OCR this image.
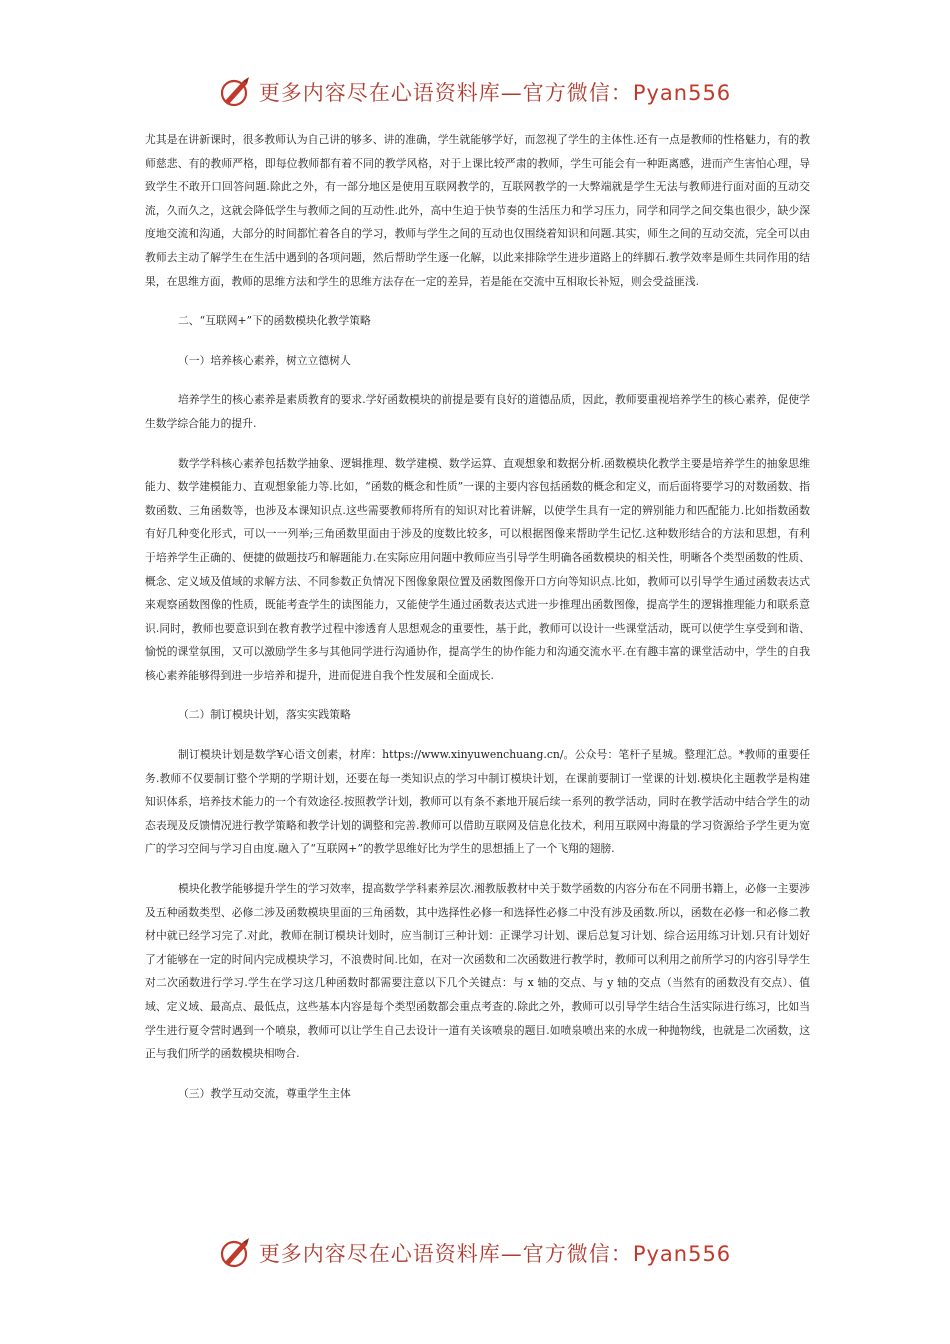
更多内容尽在心语资料库—官方微信：Pyan556

尤其是在讲新课时，很多教师认为自己讲的够多、讲的准确，学生就能够学好，而忽视了学生的主体性.还有一点是教师的性格魅力，有的教师慈悲、有的教师严格，即每位教师都有着不同的教学风格，对于上课比较严肃的教师，学生可能会有一种距离感，进而产生害怕心理，导致学生不敢开口回答问题.除此之外，有一部分地区是使用互联网教学的，互联网教学的一大弊端就是学生无法与教师进行面对面的互动交流，久而久之，这就会降低学生与教师之间的互动性.此外，高中生迫于快节奏的生活压力和学习压力，同学和同学之间交集也很少，缺少深度地交流和沟通，大部分的时间都忙着各自的学习，教师与学生之间的互动也仅围绕着知识和问题.其实，师生之间的互动交流，完全可以由教师去主动了解学生在生活中遇到的各项问题，然后帮助学生逐一化解，以此来排除学生进步道路上的绊脚石.教学效率是师生共同作用的结果，在思维方面，教师的思维方法和学生的思维方法存在一定的差异，若是能在交流中互相取长补短，则会受益匪浅.

二、“互联网+”下的函数模块化教学策略

（一）培养核心素养，树立立德树人

培养学生的核心素养是素质教育的要求.学好函数模块的前提是要有良好的道德品质，因此，教师要重视培养学生的核心素养，促使学生数学综合能力的提升.

数学学科核心素养包括数学抽象、逻辑推理、数学建模、数学运算、直观想象和数据分析.函数模块化教学主要是培养学生的抽象思维能力、数学建模能力、直观想象能力等.比如，“函数的概念和性质”一课的主要内容包括函数的概念和定义，而后面将要学习的对数函数、指数函数、三角函数等，也涉及本课知识点.这些需要教师将所有的知识对比着讲解，以使学生具有一定的辨别能力和匹配能力.比如指数函数有好几种变化形式，可以一一列举;三角函数里面由于涉及的度数比较多，可以根据图像来帮助学生记忆.这种数形结合的方法和思想，有利于培养学生正确的、便捷的做题技巧和解题能力.在实际应用问题中教师应当引导学生明确各函数模块的相关性，明晰各个类型函数的性质、概念、定义域及值域的求解方法、不同参数正负情况下图像象限位置及函数图像开口方向等知识点.比如，教师可以引导学生通过函数表达式来观察函数图像的性质，既能考查学生的读图能力，又能使学生通过函数表达式进一步推理出函数图像，提高学生的逻辑推理能力和联系意识.同时，教师也要意识到在教育教学过程中渗透育人思想观念的重要性，基于此，教师可以设计一些课堂活动，既可以使学生享受到和谐、愉悦的课堂氛围，又可以激励学生多与其他同学进行沟通协作，提高学生的协作能力和沟通交流水平.在有趣丰富的课堂活动中，学生的自我核心素养能够得到进一步培养和提升，进而促进自我个性发展和全面成长.

（二）制订模块计划，落实实践策略

制订模块计划是数学¥心语文创素，材库：https://www.xinyuwenchuang.cn/。公众号：笔杆子星城。整理汇总。*教师的重要任务.教师不仅要制订整个学期的学期计划，还要在每一类知识点的学习中制订模块计划，在课前要制订一堂课的计划.模块化主题教学是构建知识体系，培养技术能力的一个有效途径.按照教学计划，教师可以有条不紊地开展后续一系列的教学活动，同时在教学活动中结合学生的动态表现及反馈情况进行教学策略和教学计划的调整和完善.教师可以借助互联网及信息化技术，利用互联网中海量的学习资源给予学生更为宽广的学习空间与学习自由度.融入了“互联网+”的教学思维好比为学生的思想插上了一个飞翔的翅膀.

模块化教学能够提升学生的学习效率，提高数学学科素养层次.湘教版教材中关于数学函数的内容分布在不同册书籍上，必修一主要涉及五种函数类型、必修二涉及函数模块里面的三角函数，其中选择性必修一和选择性必修二中没有涉及函数.所以，函数在必修一和必修二教材中就已经学习完了.对此，教师在制订模块计划时，应当制订三种计划：正课学习计划、课后总复习计划、综合运用练习计划.只有计划好了才能够在一定的时间内完成模块学习，不浪费时间.比如，在对一次函数和二次函数进行教学时，教师可以利用之前所学习的内容引导学生对二次函数进行学习.学生在学习这几种函数时都需要注意以下几个关键点：与 x 轴的交点、与 y 轴的交点（当然有的函数没有交点）、值域、定义域、最高点、最低点，这些基本内容是每个类型函数都会重点考查的.除此之外，教师可以引导学生结合生活实际进行练习，比如当学生进行夏令营时遇到一个喷泉，教师可以让学生自己去设计一道有关该喷泉的题目.如喷泉喷出来的水成一种抛物线，也就是二次函数，这正与我们所学的函数模块相吻合.

（三）教学互动交流，尊重学生主体

更多内容尽在心语资料库—官方微信：Pyan556
